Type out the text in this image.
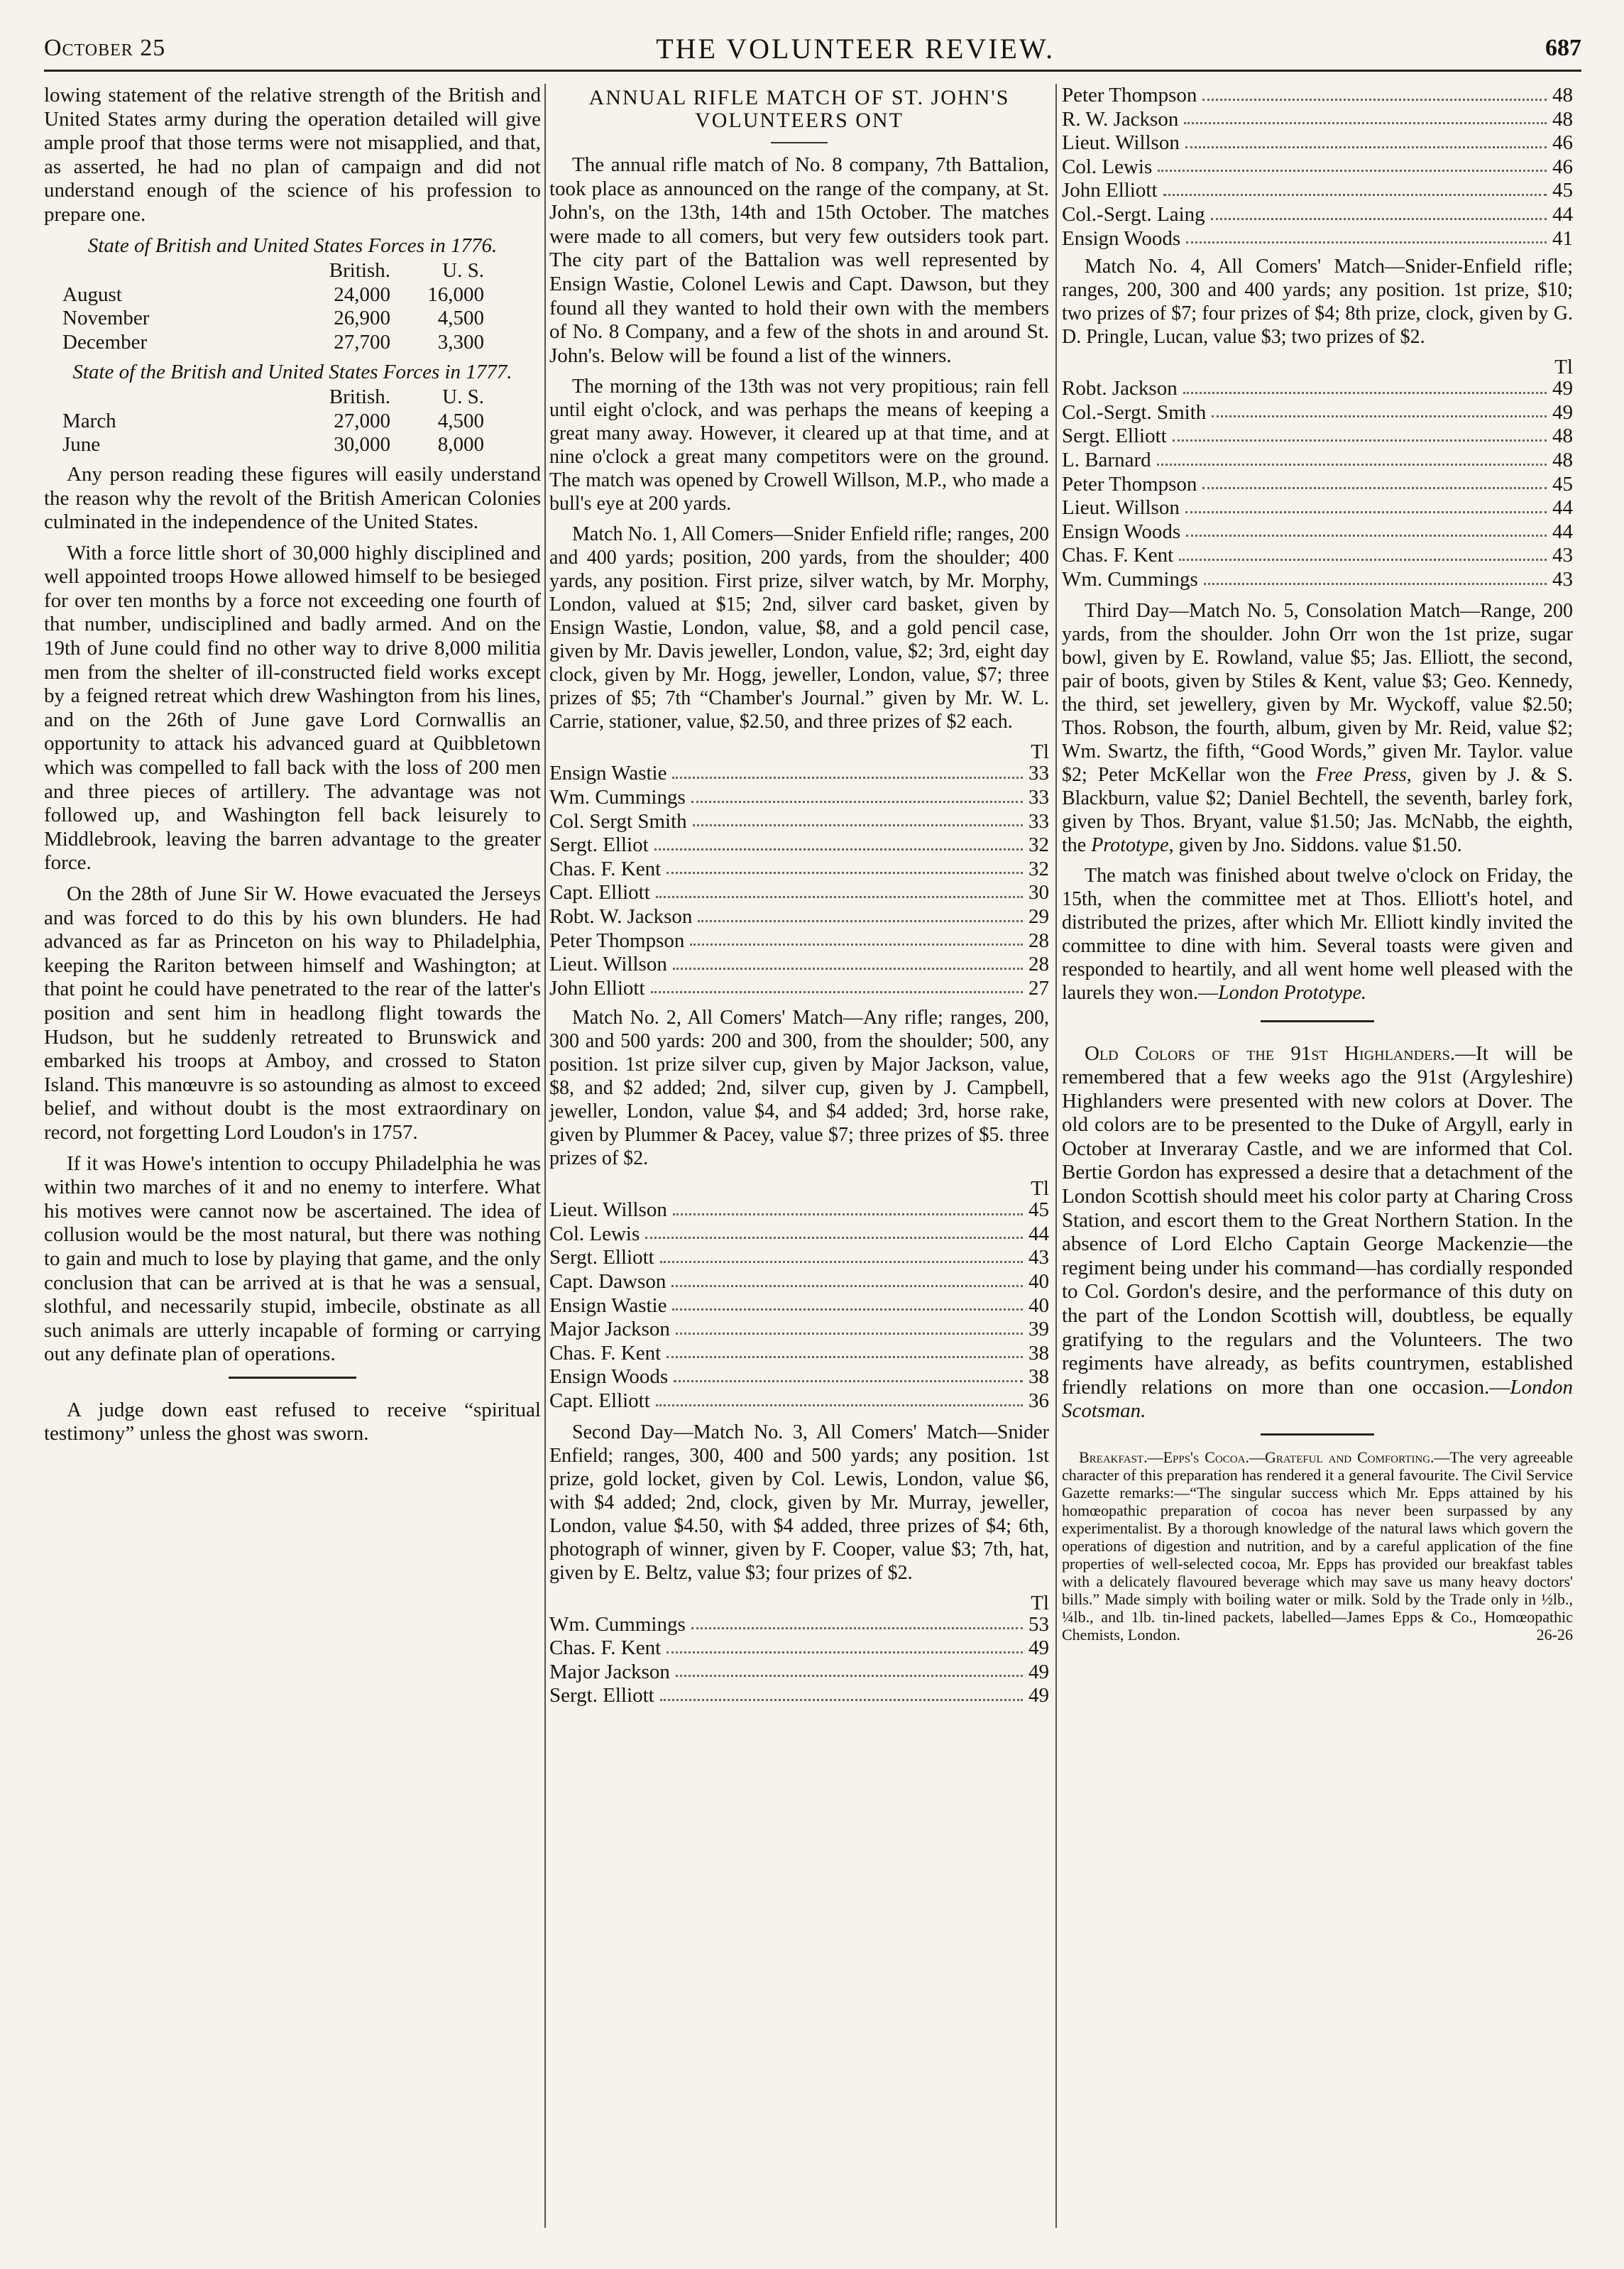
October 25	THE VOLUNTEER REVIEW.	687

lowing statement of the relative strength of the British and United States army during the operation detailed will give ample proof that those terms were not misapplied, and that, as asserted, he had no plan of campaign and did not understand enough of the science of his profession to prepare one.

State of British and United States Forces in 1776.
	British.	U. S.
August	24,000	16,000
November	26,900	4,500
December	27,700	3,300
State of the British and United States Forces in 1777.
	British.	U. S.
March	27,000	4,500
June	30,000	8,000

Any person reading these figures will easily understand the reason why the revolt of the British American Colonies culminated in the independence of the United States.

With a force little short of 30,000 highly disciplined and well appointed troops Howe allowed himself to be besieged for over ten months by a force not exceeding one fourth of that number, undisciplined and badly armed. And on the 19th of June could find no other way to drive 8,000 militia men from the shelter of ill-constructed field works except by a feigned retreat which drew Washington from his lines, and on the 26th of June gave Lord Cornwallis an opportunity to attack his advanced guard at Quibbletown which was compelled to fall back with the loss of 200 men and three pieces of artillery. The advantage was not followed up, and Washington fell back leisurely to Middlebrook, leaving the barren advantage to the greater force.

On the 28th of June Sir W. Howe evacuated the Jerseys and was forced to do this by his own blunders. He had advanced as far as Princeton on his way to Philadelphia, keeping the Rariton between himself and Washington; at that point he could have penetrated to the rear of the latter's position and sent him in headlong flight towards the Hudson, but he suddenly retreated to Brunswick and embarked his troops at Amboy, and crossed to Staton Island. This manœuvre is so astounding as almost to exceed belief, and without doubt is the most extraordinary on record, not forgetting Lord Loudon's in 1757.

If it was Howe's intention to occupy Philadelphia he was within two marches of it and no enemy to interfere. What his motives were cannot now be ascertained. The idea of collusion would be the most natural, but there was nothing to gain and much to lose by playing that game, and the only conclusion that can be arrived at is that he was a sensual, slothful, and necessarily stupid, imbecile, obstinate as all such animals are utterly incapable of forming or carrying out any definate plan of operations.

A judge down east refused to receive “spiritual testimony” unless the ghost was sworn.

ANNUAL RIFLE MATCH OF ST. JOHN'S VOLUNTEERS ONT

The annual rifle match of No. 8 company, 7th Battalion, took place as announced on the range of the company, at St. John's, on the 13th, 14th and 15th October. The matches were made to all comers, but very few outsiders took part. The city part of the Battalion was well represented by Ensign Wastie, Colonel Lewis and Capt. Dawson, but they found all they wanted to hold their own with the members of No. 8 Company, and a few of the shots in and around St. John's. Below will be found a list of the winners.

The morning of the 13th was not very propitious; rain fell until eight o'clock, and was perhaps the means of keeping a great many away. However, it cleared up at that time, and at nine o'clock a great many competitors were on the ground. The match was opened by Crowell Willson, M.P., who made a bull's eye at 200 yards.

Match No. 1, All Comers—Snider Enfield rifle; ranges, 200 and 400 yards; position, 200 yards, from the shoulder; 400 yards, any position. First prize, silver watch, by Mr. Morphy, London, valued at $15; 2nd, silver card basket, given by Ensign Wastie, London, value, $8, and a gold pencil case, given by Mr. Davis jeweller, London, value, $2; 3rd, eight day clock, given by Mr. Hogg, jeweller, London, value, $7; three prizes of $5; 7th “Chamber's Journal.” given by Mr. W. L. Carrie, stationer, value, $2.50, and three prizes of $2 each.

Tl
Ensign Wastie	33
Wm. Cummings	33
Col. Sergt Smith	33
Sergt. Elliot	32
Chas. F. Kent	32
Capt. Elliott	30
Robt. W. Jackson	29
Peter Thompson	28
Lieut. Willson	28
John Elliott	27

Match No. 2, All Comers' Match—Any rifle; ranges, 200, 300 and 500 yards: 200 and 300, from the shoulder; 500, any position. 1st prize silver cup, given by Major Jackson, value, $8, and $2 added; 2nd, silver cup, given by J. Campbell, jeweller, London, value $4, and $4 added; 3rd, horse rake, given by Plummer & Pacey, value $7; three prizes of $5. three prizes of $2.

Tl
Lieut. Willson	45
Col. Lewis	44
Sergt. Elliott	43
Capt. Dawson	40
Ensign Wastie	40
Major Jackson	39
Chas. F. Kent	38
Ensign Woods	38
Capt. Elliott	36

Second Day—Match No. 3, All Comers' Match—Snider Enfield; ranges, 300, 400 and 500 yards; any position. 1st prize, gold locket, given by Col. Lewis, London, value $6, with $4 added; 2nd, clock, given by Mr. Murray, jeweller, London, value $4.50, with $4 added, three prizes of $4; 6th, photograph of winner, given by F. Cooper, value $3; 7th, hat, given by E. Beltz, value $3; four prizes of $2.

Tl
Wm. Cummings	53
Chas. F. Kent	49
Major Jackson	49
Sergt. Elliott	49
Peter Thompson	48
R. W. Jackson	48
Lieut. Willson	46
Col. Lewis	46
John Elliott	45
Col.-Sergt. Laing	44
Ensign Woods	41

Match No. 4, All Comers' Match—Snider-Enfield rifle; ranges, 200, 300 and 400 yards; any position. 1st prize, $10; two prizes of $7; four prizes of $4; 8th prize, clock, given by G. D. Pringle, Lucan, value $3; two prizes of $2.

Tl
Robt. Jackson	49
Col.-Sergt. Smith	49
Sergt. Elliott	48
L. Barnard	48
Peter Thompson	45
Lieut. Willson	44
Ensign Woods	44
Chas. F. Kent	43
Wm. Cummings	43

Third Day—Match No. 5, Consolation Match—Range, 200 yards, from the shoulder. John Orr won the 1st prize, sugar bowl, given by E. Rowland, value $5; Jas. Elliott, the second, pair of boots, given by Stiles & Kent, value $3; Geo. Kennedy, the third, set jewellery, given by Mr. Wyckoff, value $2.50; Thos. Robson, the fourth, album, given by Mr. Reid, value $2; Wm. Swartz, the fifth, “Good Words,” given Mr. Taylor. value $2; Peter McKellar won the Free Press, given by J. & S. Blackburn, value $2; Daniel Bechtell, the seventh, barley fork, given by Thos. Bryant, value $1.50; Jas. McNabb, the eighth, the Prototype, given by Jno. Siddons. value $1.50.

The match was finished about twelve o'clock on Friday, the 15th, when the committee met at Thos. Elliott's hotel, and distributed the prizes, after which Mr. Elliott kindly invited the committee to dine with him. Several toasts were given and responded to heartily, and all went home well pleased with the laurels they won.—London Prototype.

Old Colors of the 91st Highlanders.—It will be remembered that a few weeks ago the 91st (Argyleshire) Highlanders were presented with new colors at Dover. The old colors are to be presented to the Duke of Argyll, early in October at Inveraray Castle, and we are informed that Col. Bertie Gordon has expressed a desire that a detachment of the London Scottish should meet his color party at Charing Cross Station, and escort them to the Great Northern Station. In the absence of Lord Elcho Captain George Mackenzie—the regiment being under his command—has cordially responded to Col. Gordon's desire, and the performance of this duty on the part of the London Scottish will, doubtless, be equally gratifying to the regulars and the Volunteers. The two regiments have already, as befits countrymen, established friendly relations on more than one occasion.—London Scotsman.

Breakfast.—Epps's Cocoa.—Grateful and Comforting.—The very agreeable character of this preparation has rendered it a general favourite. The Civil Service Gazette remarks:—“The singular success which Mr. Epps attained by his homœopathic preparation of cocoa has never been surpassed by any experimentalist. By a thorough knowledge of the natural laws which govern the operations of digestion and nutrition, and by a careful application of the fine properties of well-selected cocoa, Mr. Epps has provided our breakfast tables with a delicately flavoured beverage which may save us many heavy doctors' bills.” Made simply with boiling water or milk. Sold by the Trade only in ½lb., ¼lb., and 1lb. tin-lined packets, labelled—James Epps & Co., Homœopathic Chemists, London.	26-26
